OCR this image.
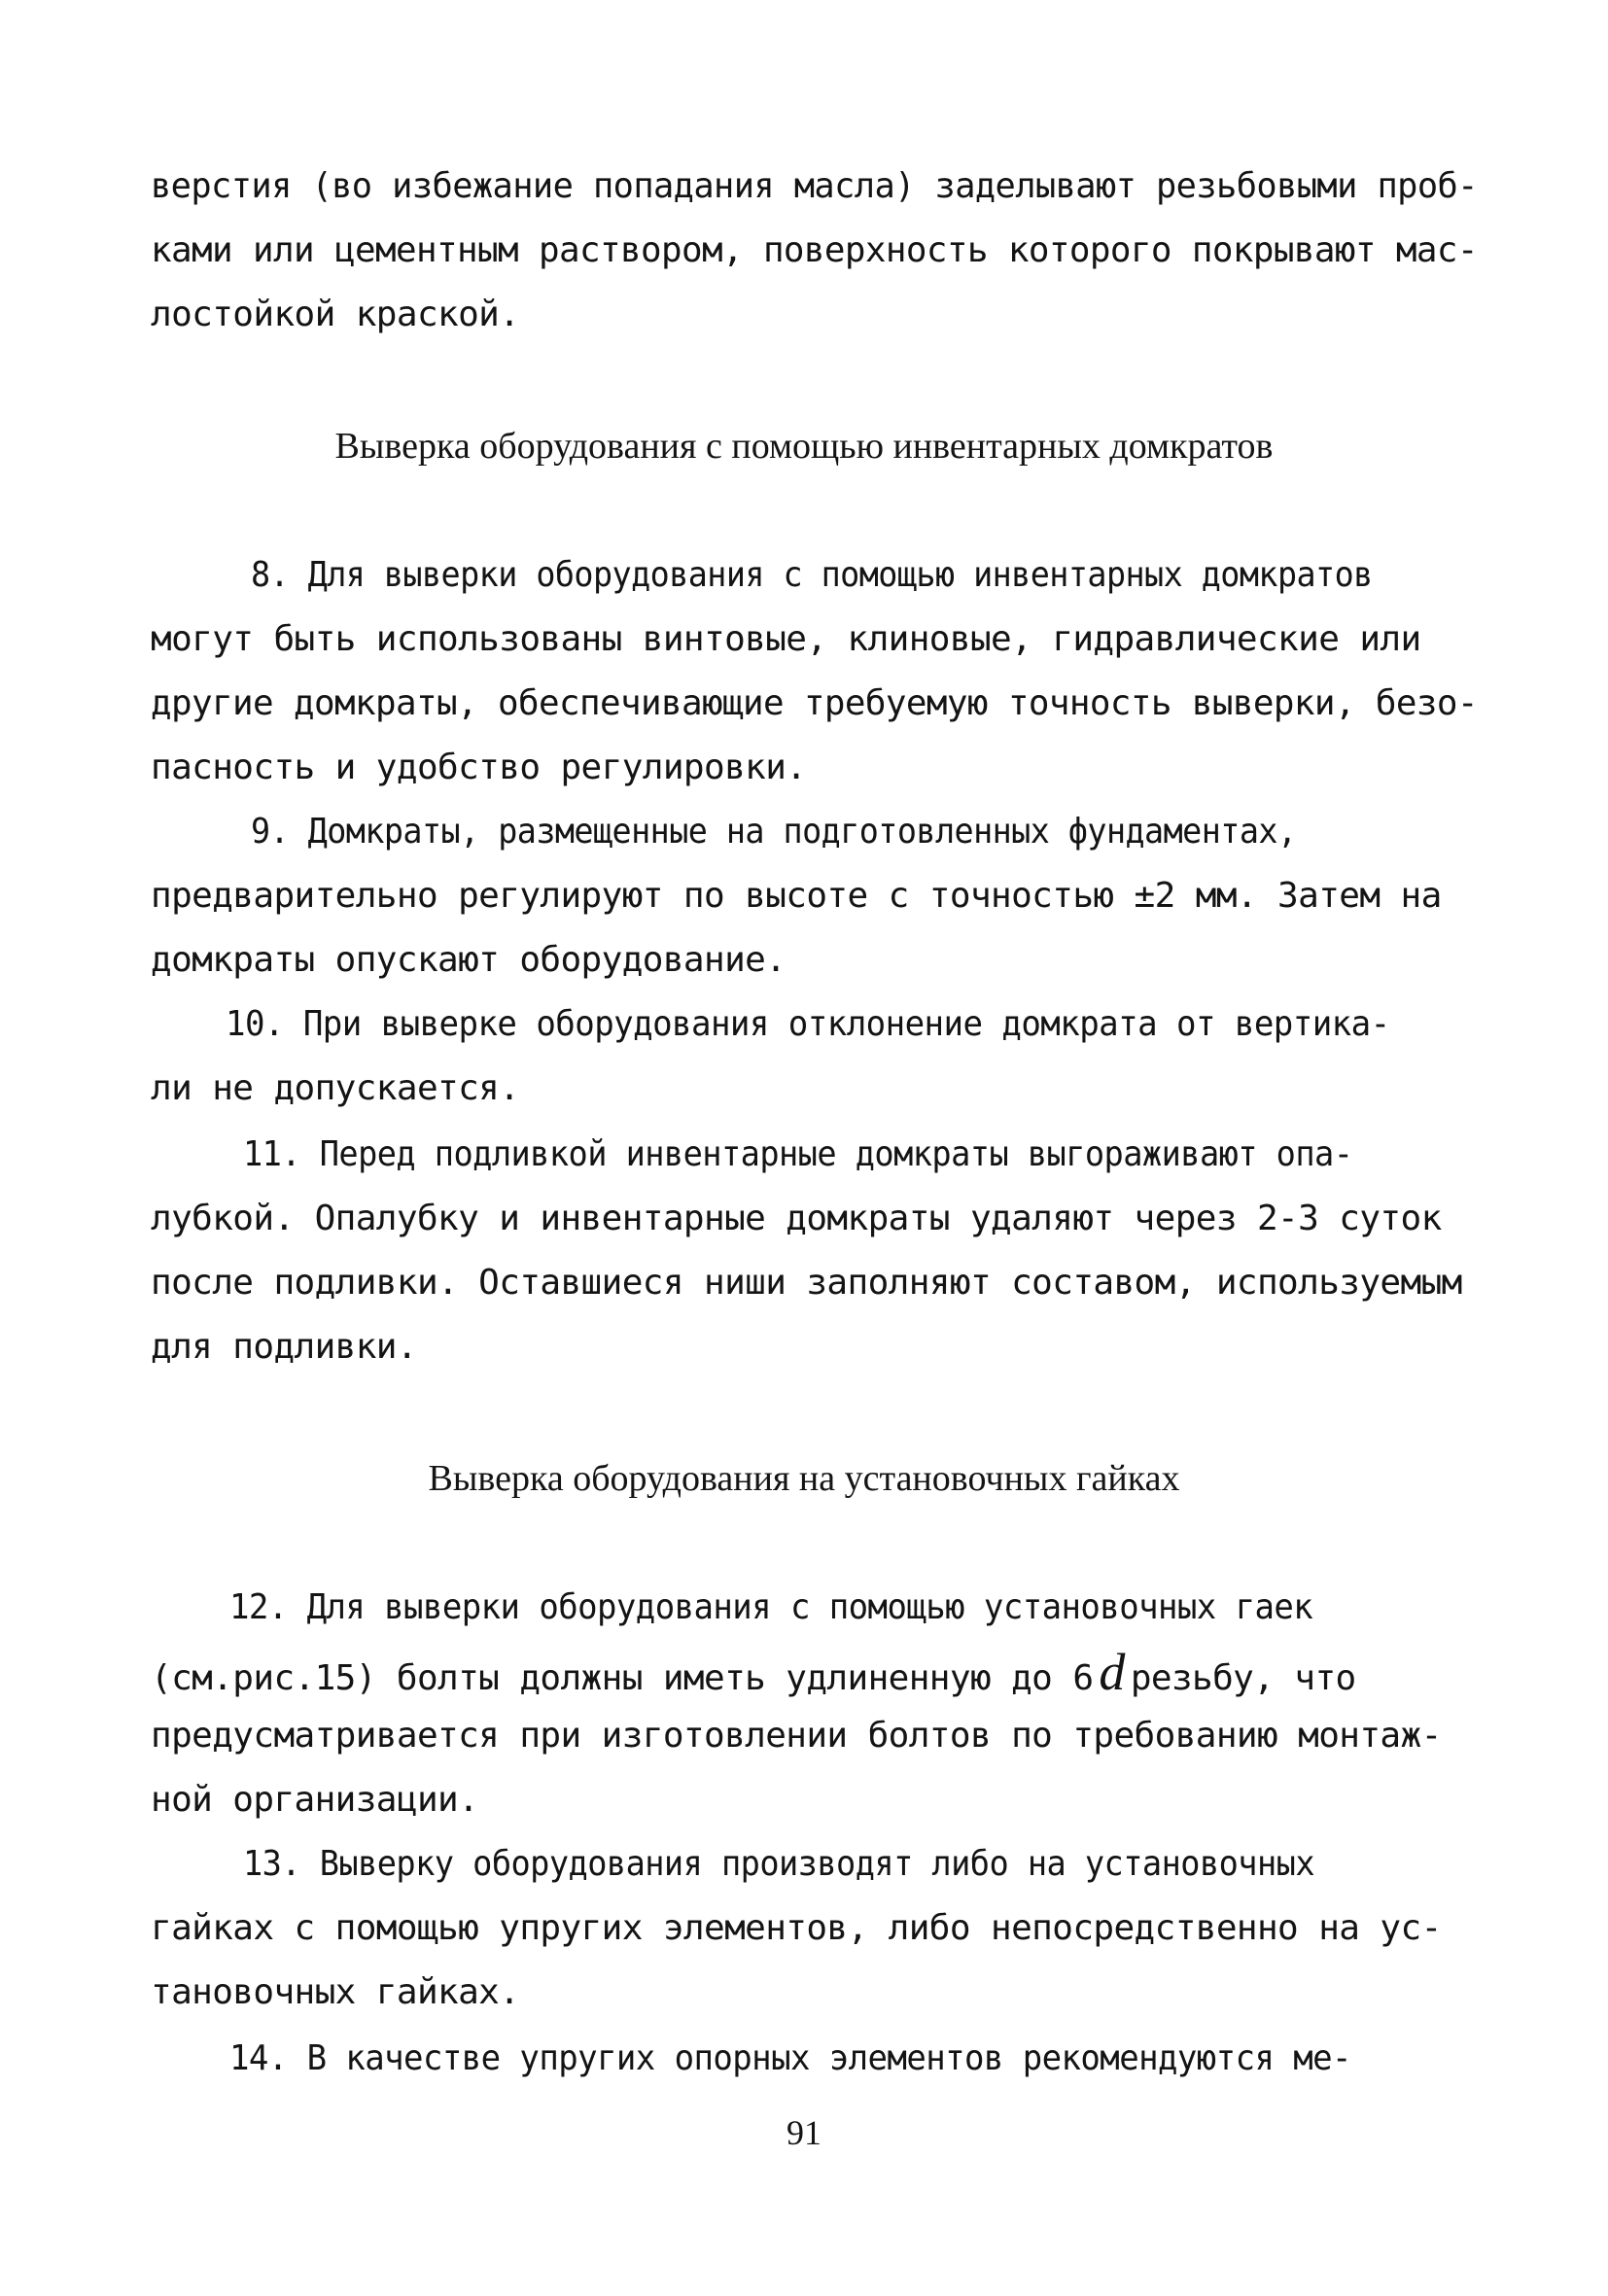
верстия (во избежание попадания масла) заделывают резьбовыми проб-
ками или цементным раствором, поверхность которого покрывают мас-
лостойкой краской.
Выверка оборудования с помощью инвентарных домкратов
8. Для выверки оборудования с помощью инвентарных домкратов
могут быть использованы винтовые, клиновые, гидравлические или
другие домкраты, обеспечивающие требуемую точность выверки, безо-
пасность и удобство регулировки.
9. Домкраты, размещенные на подготовленных фундаментах,
предварительно регулируют по высоте с точностью ±2 мм. Затем на
домкраты опускают оборудование.
10. При выверке оборудования отклонение домкрата от вертика-
ли не допускается.
11. Перед подливкой инвентарные домкраты выгораживают опа-
лубкой. Опалубку и инвентарные домкраты удаляют через 2-3 суток
после подливки. Оставшиеся ниши заполняют составом, используемым
для подливки.
Выверка оборудования на установочных гайках
12. Для выверки оборудования с помощью установочных гаек
(см.рис.15) болты должны иметь удлиненную до 6 d резьбу, что
предусматривается при изготовлении болтов по требованию монтаж-
ной организации.
13. Выверку оборудования производят либо на установочных
гайках с помощью упругих элементов, либо непосредственно на ус-
тановочных гайках.
14. В качестве упругих опорных элементов рекомендуются ме-
91
